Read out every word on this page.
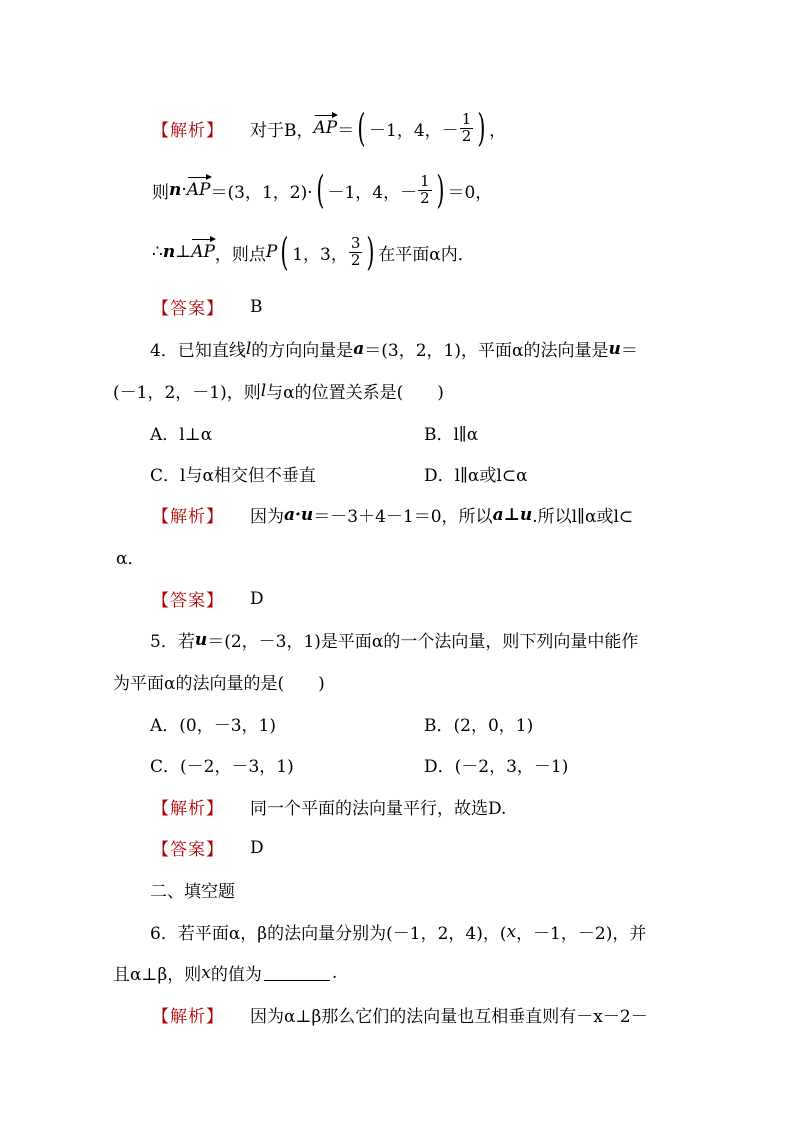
【解析】 对于B， AP ＝ ( －1，4，－ $\frac{1}{2}$ ) ，
则 n · AP ＝(3，1，2)· ( －1，4，－ $\frac{1}{2}$ ) ＝0，
∴ n ⊥ AP ，则点 P ( 1，3， $\frac{3}{2}$ ) 在平面α内．
【答案】 B
4．已知直线 l 的方向向量是 a ＝(3，2，1)，平面α的法向量是 u ＝
(－1，2，－1)，则 l 与α的位置关系是(　　)
A．l⊥α	B．l∥α
C．l与α相交但不垂直	D．l∥α或l⊂α
【解析】 因为 a·u ＝－3＋4－1＝0，所以 a⊥u .所以l∥α或l⊂
α．
【答案】 D
5．若 u ＝(2，－3，1)是平面α的一个法向量，则下列向量中能作
为平面α的法向量的是(　　)
A．(0，－3，1)	B．(2，0，1)
C．(－2，－3，1)	D．(－2，3，－1)
【解析】 同一个平面的法向量平行，故选D.
【答案】 D
二、填空题
6．若平面α，β的法向量分别为(－1，2，4)，( x ，－1，－2)，并
且α⊥β，则 x 的值为	.
【解析】 因为α⊥β那么它们的法向量也互相垂直则有－x－2－
